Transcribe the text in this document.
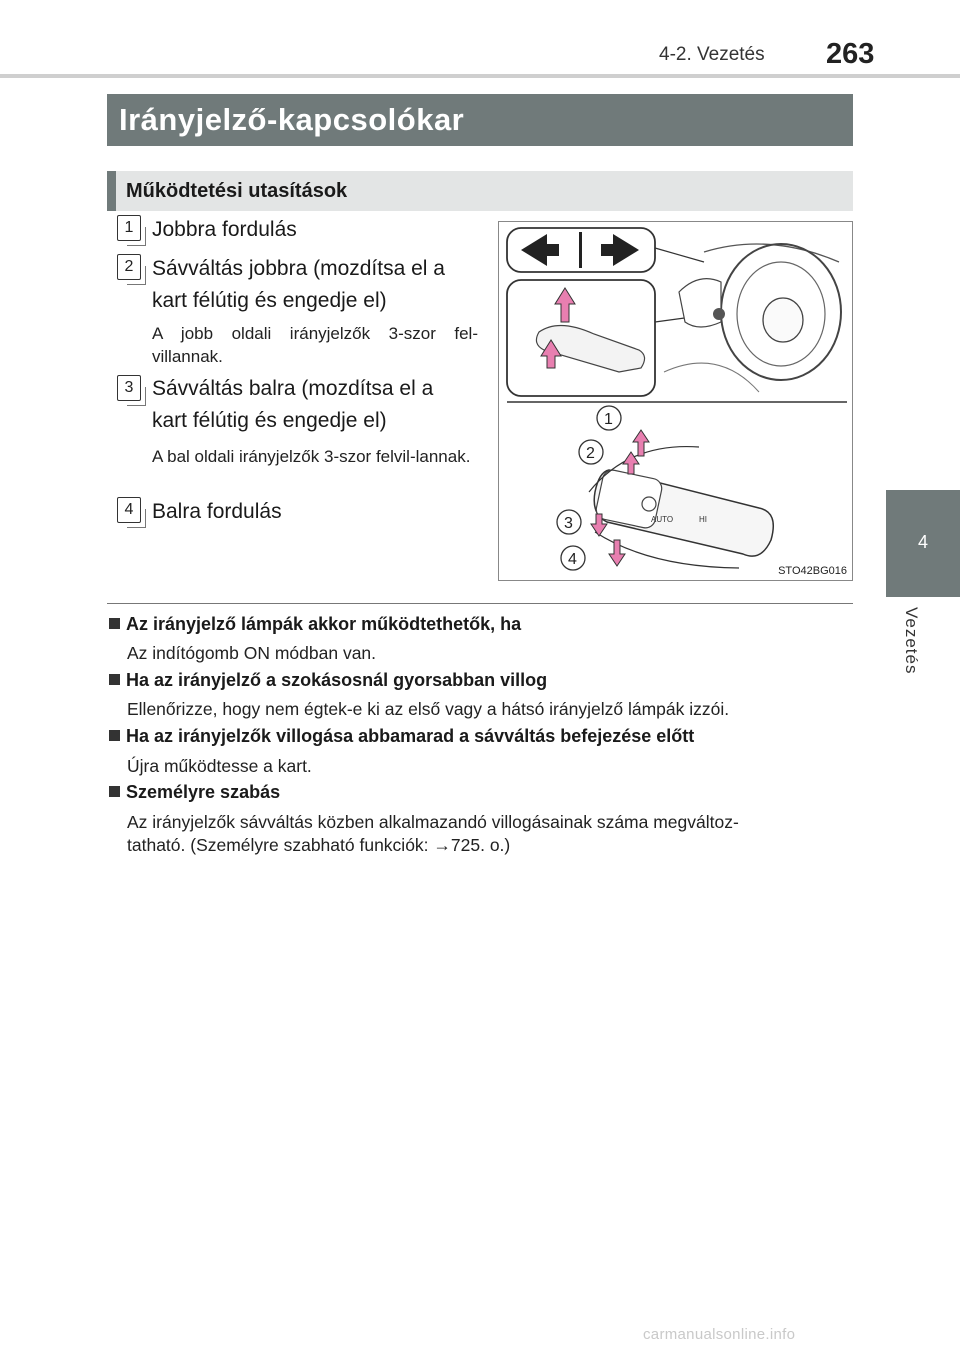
4-2. Vezetés 263
4
Vezetés
Irányjelző-kapcsolókar
Működtetési utasítások
1 Jobbra fordulás
2 Sávváltás jobbra (mozdítsa el a
kart félútig és engedje el)
A jobb oldali irányjelzők 3-szor fel-villannak.
3 Sávváltás balra (mozdítsa el a
kart félútig és engedje el)
A bal oldali irányjelzők 3-szor felvil-lannak.
4 Balra fordulás	AUTO	HI
1
2
3
4
STO42BG016
Az irányjelző lámpák akkor működtethetők, ha
Az indítógomb ON módban van.
Ha az irányjelző a szokásosnál gyorsabban villog
Ellenőrizze, hogy nem égtek-e ki az első vagy a hátsó irányjelző lámpák izzói.
Ha az irányjelzők villogása abbamarad a sávváltás befejezése előtt
Újra működtesse a kart.
Személyre szabás
Az irányjelzők sávváltás közben alkalmazandó villogásainak száma megváltoz-
tatható. (Személyre szabható funkciók: →725. o.)
carmanualsonline.info
